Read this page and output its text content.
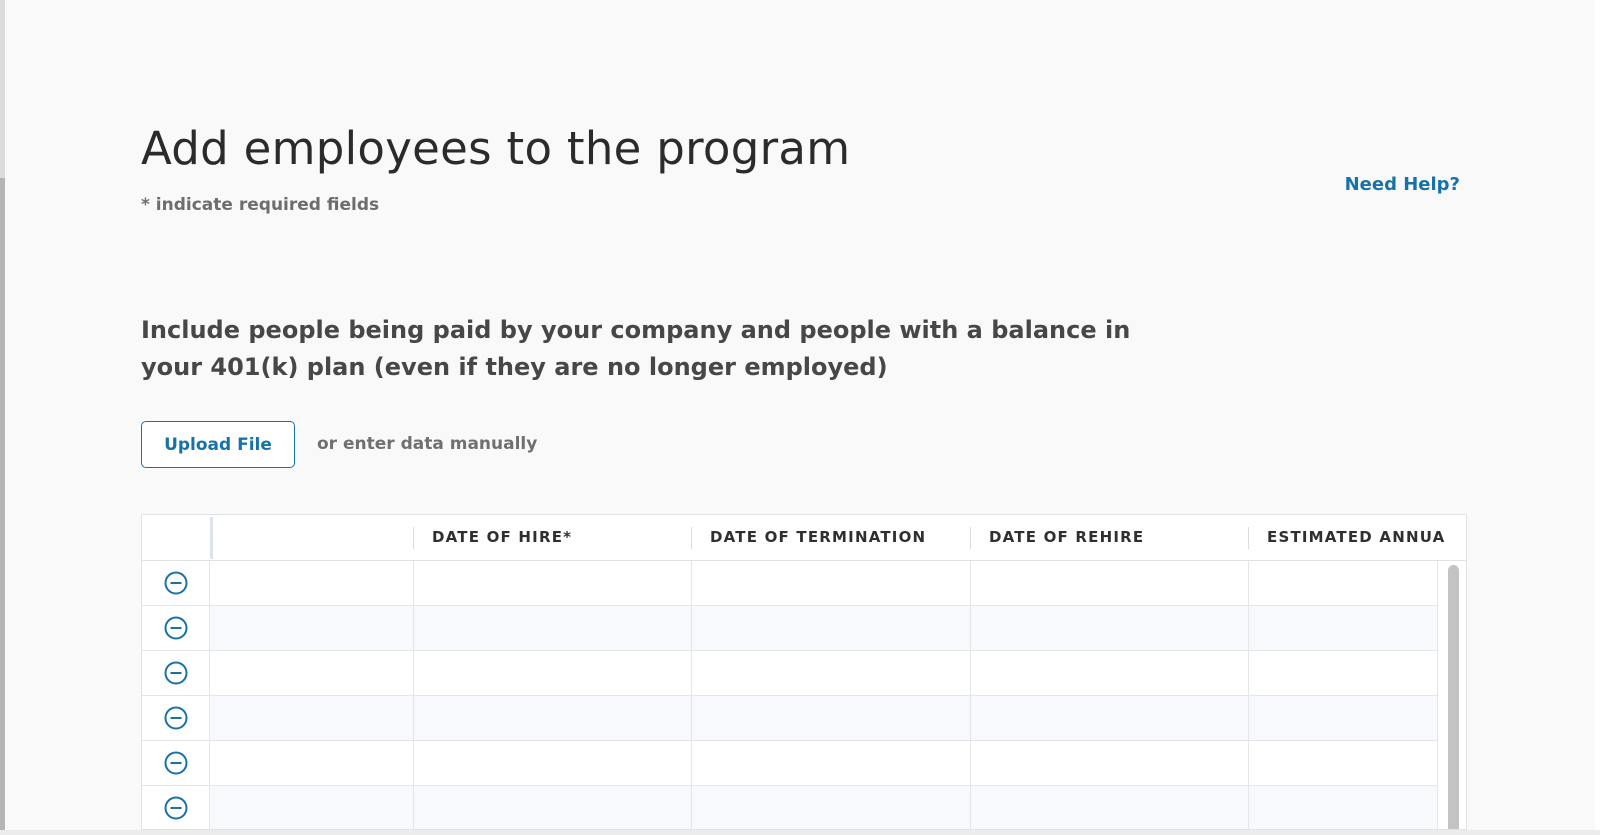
Add employees to the program
* indicate required fields
Need Help?

Include people being paid by your company and people with a balance in your 401(k) plan (even if they are no longer employed)

Upload File	or enter data manually
DATE OF HIRE*	DATE OF TERMINATION	DATE OF REHIRE	ESTIMATED ANNUA
